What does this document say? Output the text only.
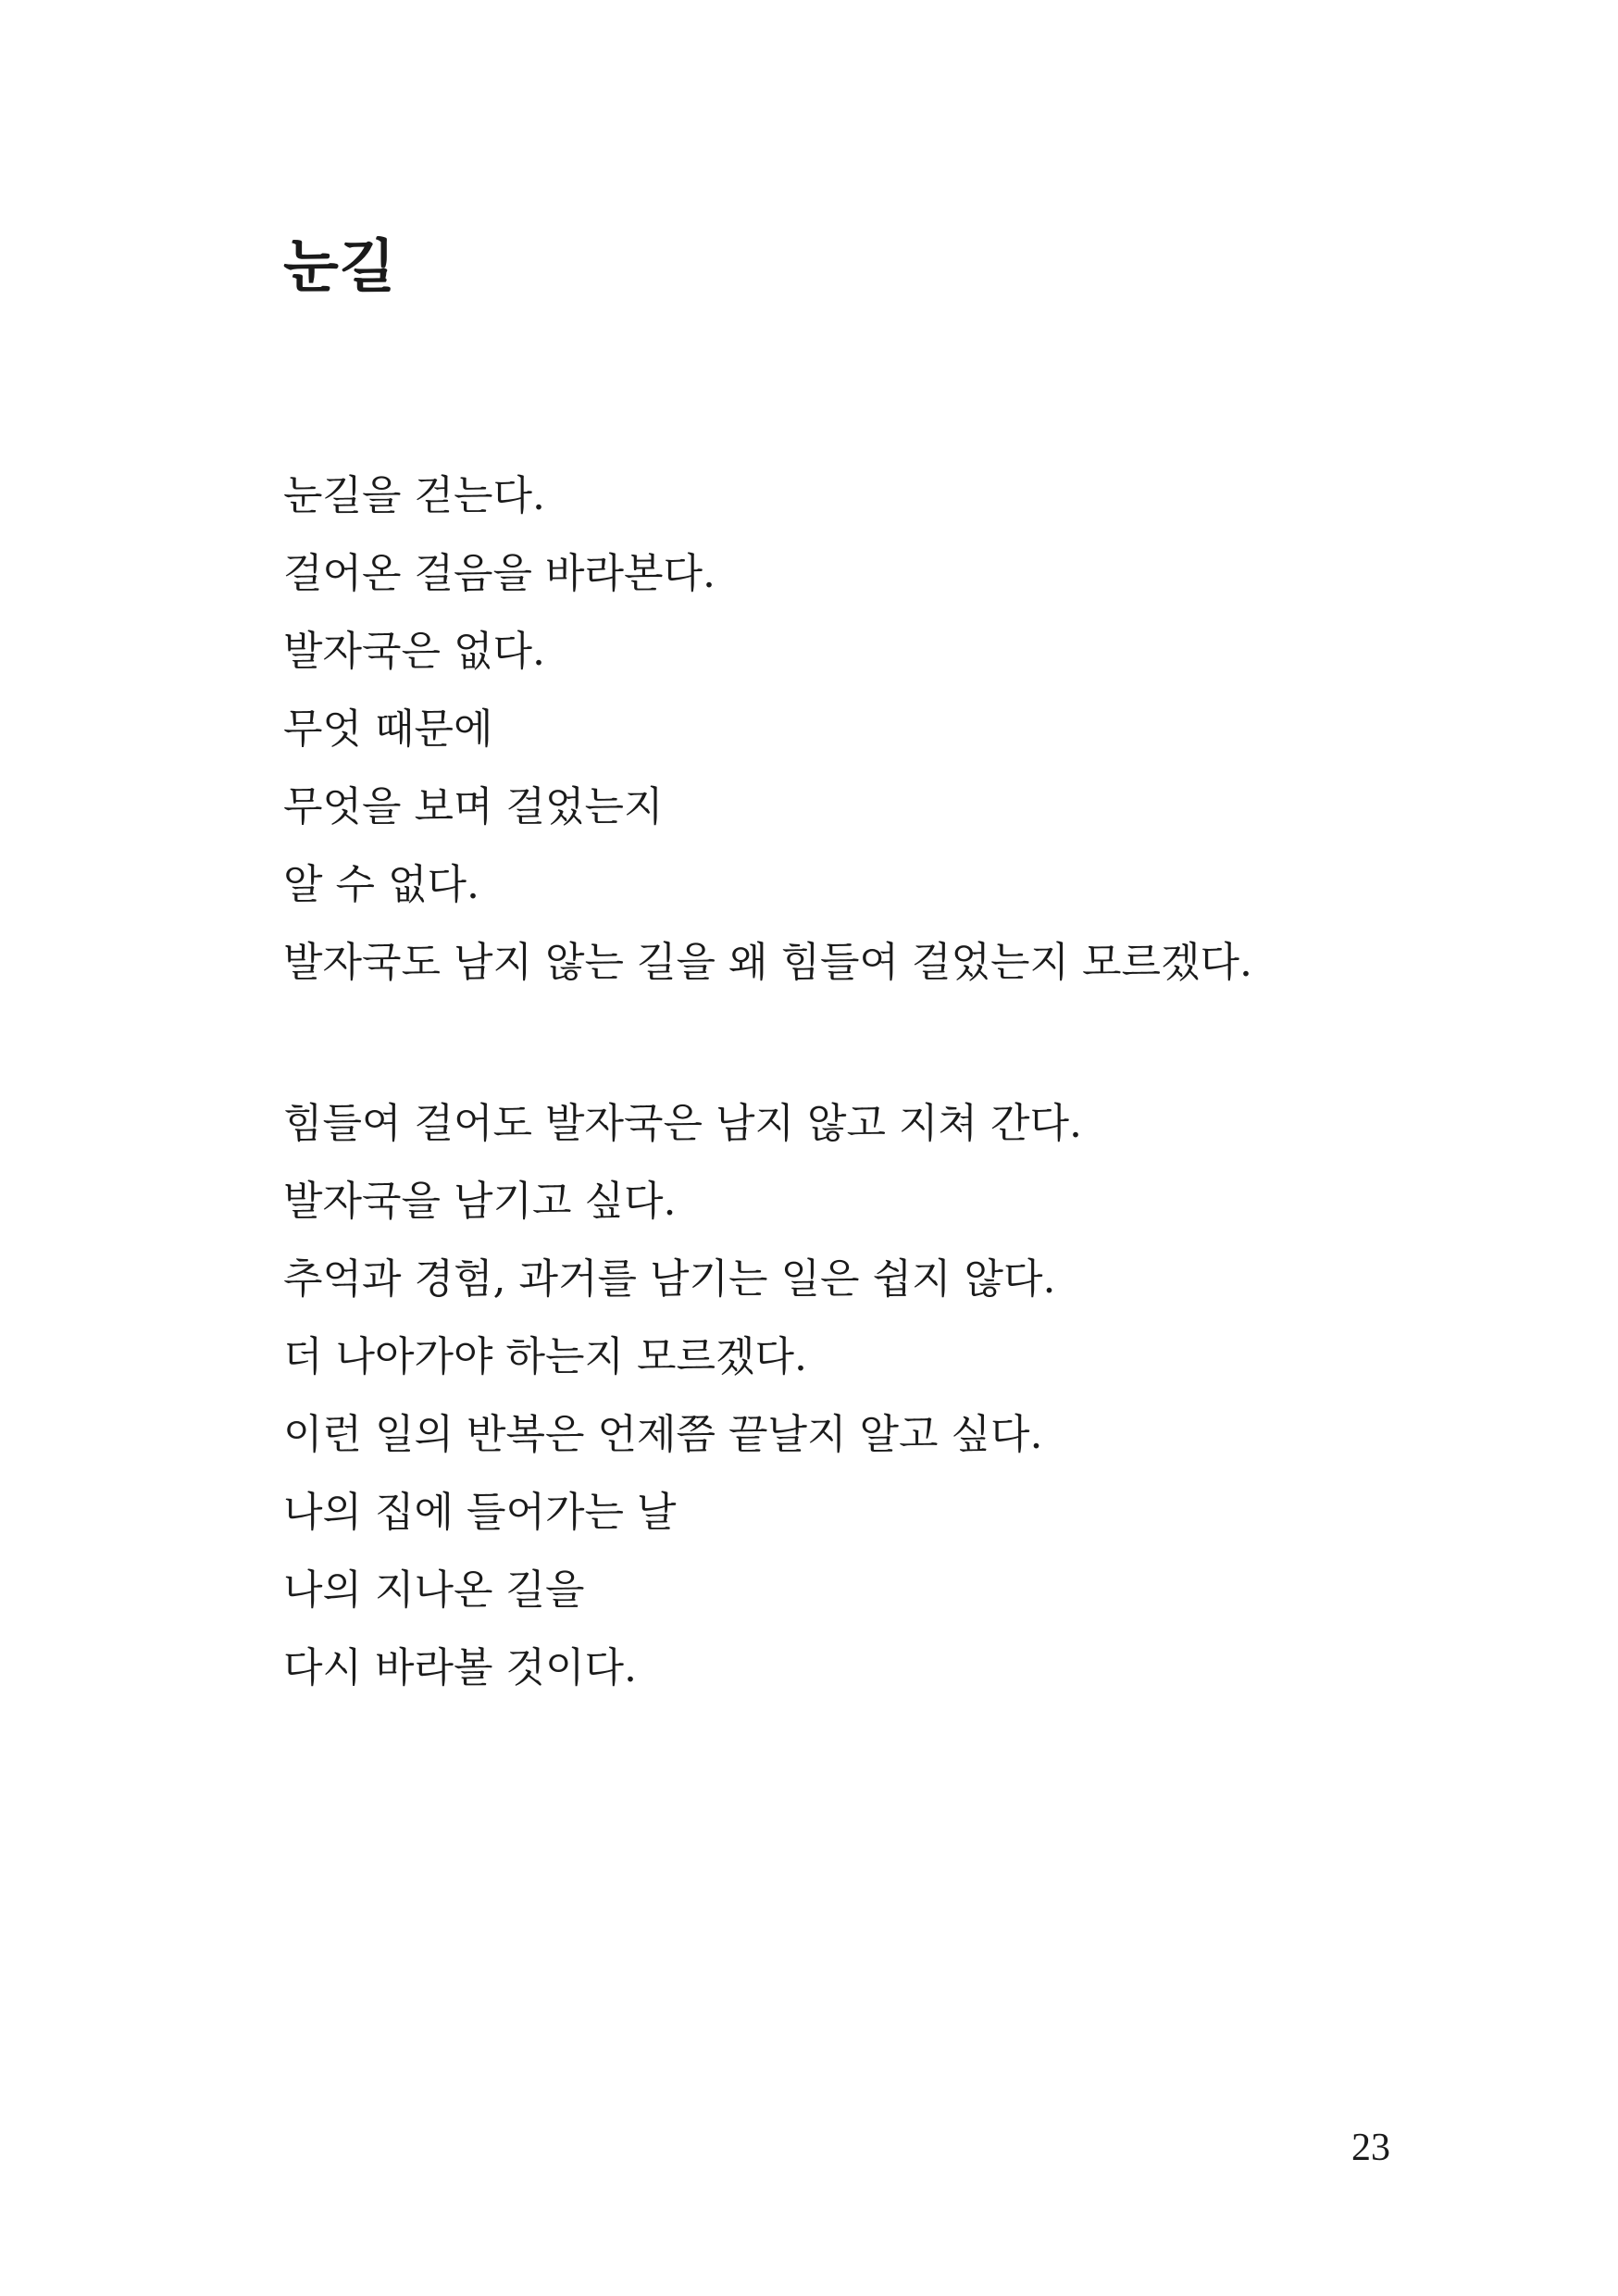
눈길
눈길을 걷는다.
걸어온 걸음을 바라본다.
발자국은 없다.
무엇 때문에
무엇을 보며 걸었는지
알 수 없다.
발자국도 남지 않는 길을 왜 힘들여 걸었는지 모르겠다.
힘들여 걸어도 발자국은 남지 않고 지쳐 간다.
발자국을 남기고 싶다.
추억과 경험, 과거를 남기는 일은 쉽지 않다.
더 나아가야 하는지 모르겠다.
이런 일의 반복은 언제쯤 끝날지 알고 싶다.
나의 집에 들어가는 날
나의 지나온 길을
다시 바라볼 것이다.
23
